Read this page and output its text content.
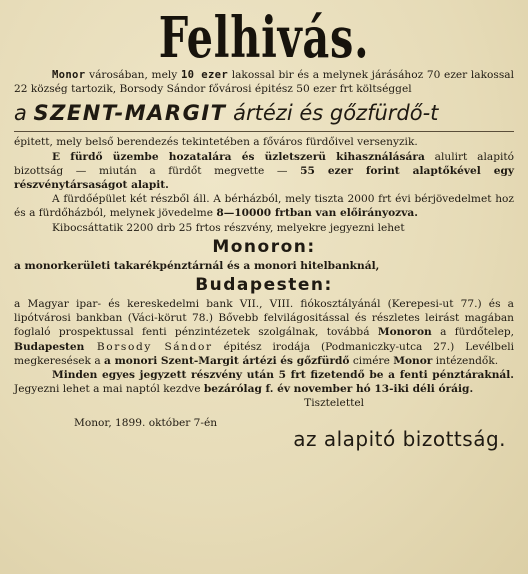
Felhivás.

Monor városában, mely 10 ezer lakossal bir és a melynek járásához 70 ezer lakossal 22 község tartozik, Borsody Sándor fővárosi épitész 50 ezer frt költséggel

a SZENT-MARGIT ártézi és gőzfürdő-t

épitett, mely belső berendezés tekintetében a főváros fürdőivel versenyzik.
E fürdő üzembe hozatalára és üzletszerü kihasználására alulirt alapitó bizottság — miután a fürdőt megvette — 55 ezer forint alaptőkével egy részvénytársaságot alapit.

A fürdőépület két részből áll. A bérházból, mely tiszta 2000 frt évi bérjövedelmet hoz és a fürdőházból, melynek jövedelme 8—10000 frtban van előirányozva.

Kibocsáttatik 2200 drb 25 frtos részvény, melyekre jegyezni lehet

Monoron:

a monorkerületi takarékpénztárnál és a monori hitelbanknál,

Budapesten:

a Magyar ipar- és kereskedelmi bank VII., VIII. fiókosztályánál (Kerepesi-ut 77.) és a lipótvárosi bankban (Váci-körut 78.) Bővebb felvilágositással és részletes leirást magában foglaló prospektussal fenti pénzintézetek szolgálnak, továbbá Monoron a fürdőtelep, Budapesten Borsody Sándor épitész irodája (Podmaniczky-utca 27.) Levélbeli megkeresések a a monori Szent-Margit ártézi és gőzfürdő cimére Monor intézendők.

Minden egyes jegyzett részvény után 5 frt fizetendő be a fenti pénztáraknál. Jegyezni lehet a mai naptól kezdve bezárólag f. év november hó 13-iki déli óráig.

Tisztelettel

Monor, 1899. október 7-én
az alapitó bizottság.
